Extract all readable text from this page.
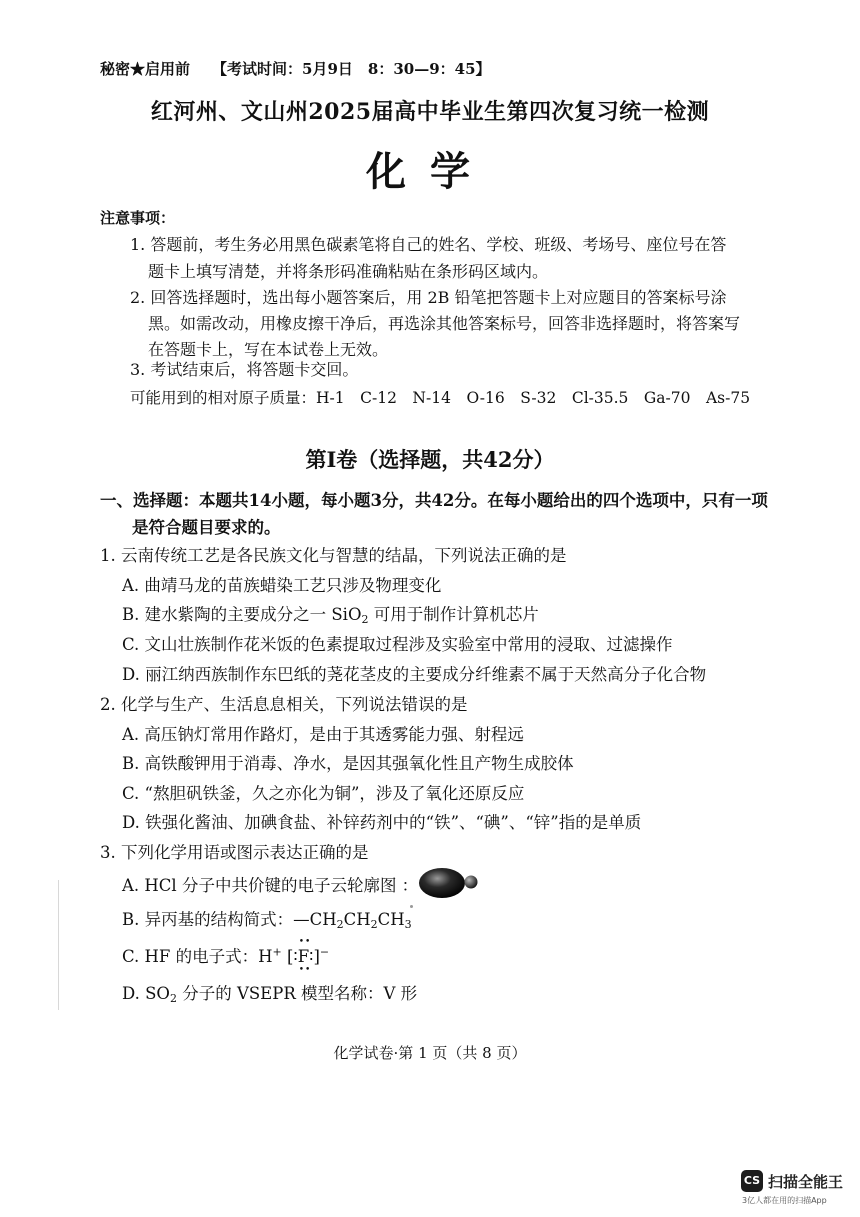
秘密★启用前 【考试时间：5月9日　8：30—9：45】
红河州、文山州2025届高中毕业生第四次复习统一检测
化学
注意事项：
1. 答题前，考生务必用黑色碳素笔将自己的姓名、学校、班级、考场号、座位号在答
题卡上填写清楚，并将条形码准确粘贴在条形码区域内。
2. 回答选择题时，选出每小题答案后，用 2B 铅笔把答题卡上对应题目的答案标号涂
黑。如需改动，用橡皮擦干净后，再选涂其他答案标号，回答非选择题时，将答案写
在答题卡上，写在本试卷上无效。
3. 考试结束后，将答题卡交回。
可能用到的相对原子质量：H-1　C-12　N-14　O-16　S-32　Cl-35.5　Ga-70　As-75
第Ⅰ卷（选择题，共42分）
一、选择题：本题共14小题，每小题3分，共42分。在每小题给出的四个选项中，只有一项
是符合题目要求的。
1. 云南传统工艺是各民族文化与智慧的结晶，下列说法正确的是
A. 曲靖马龙的苗族蜡染工艺只涉及物理变化
B. 建水紫陶的主要成分之一 SiO$_2$ 可用于制作计算机芯片
C. 文山壮族制作花米饭的色素提取过程涉及实验室中常用的浸取、过滤操作
D. 丽江纳西族制作东巴纸的荛花茎皮的主要成分纤维素不属于天然高分子化合物
2. 化学与生产、生活息息相关，下列说法错误的是
A. 高压钠灯常用作路灯，是由于其透雾能力强、射程远
B. 高铁酸钾用于消毒、净水，是因其强氧化性且产物生成胶体
C. “熬胆矾铁釜，久之亦化为铜”，涉及了氧化还原反应
D. 铁强化酱油、加碘食盐、补锌药剂中的“铁”、“碘”、“锌”指的是单质
3. 下列化学用语或图示表达正确的是
A. HCl 分子中共价键的电子云轮廓图 ：
B. 异丙基的结构简式：$—CH_2CH_2CH_3$
C. HF 的电子式：H+ [∶
••
F
••
∶]−
D. $SO_2$ 分子的 VSEPR 模型名称：V 形
化学试卷·第 1 页（共 8 页）
CS 扫描全能王
3亿人都在用的扫描App
